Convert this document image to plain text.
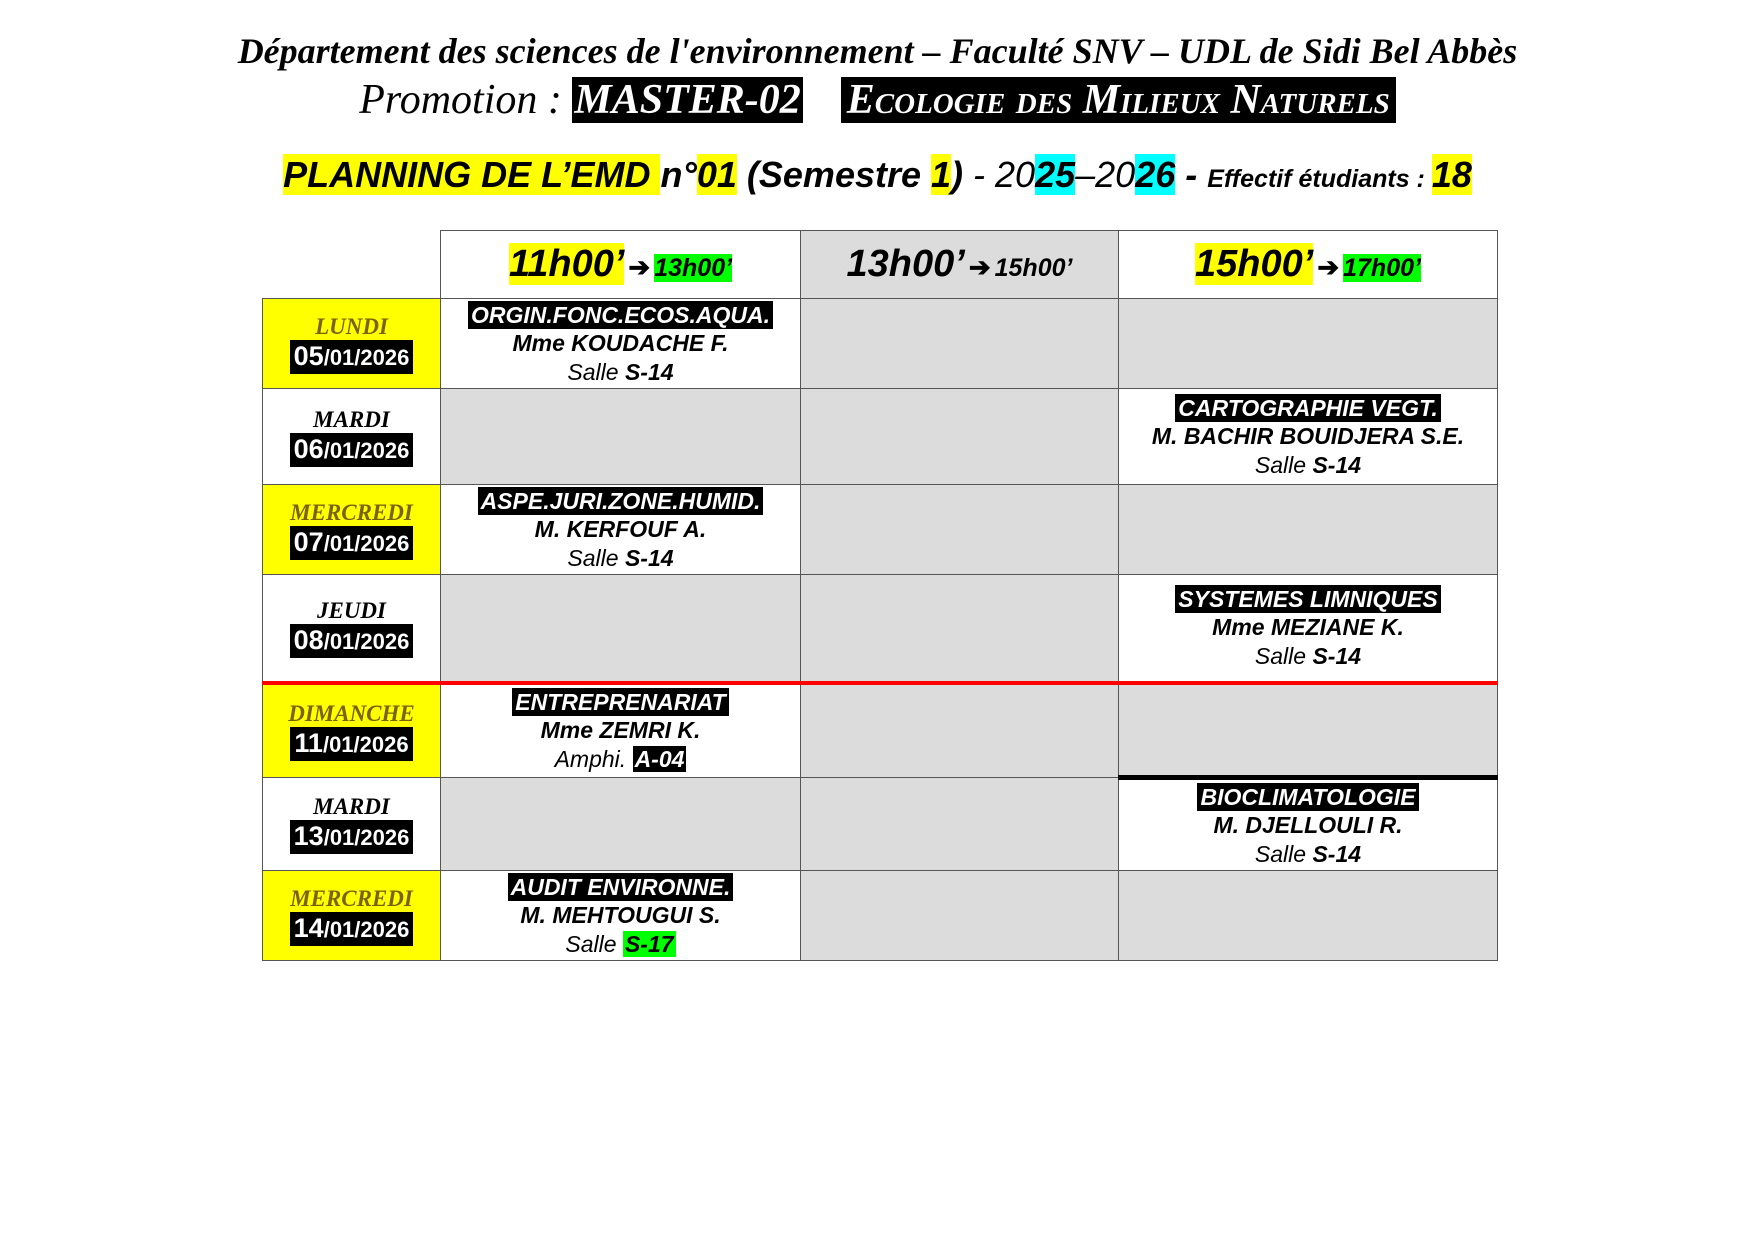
Département des sciences de l'environnement – Faculté SNV – UDL de Sidi Bel Abbès
Promotion : MASTER-02 Ecologie des Milieux Naturels
PLANNING DE L’EMD n°01 (Semestre 1) - 2025–2026 - Effectif étudiants : 18
	11h00’ ➔ 13h00’	13h00’ ➔ 15h00’	15h00’ ➔ 17h00’

LUNDI
05/01/2026	ORGIN.FONC.ECOS.AQUA.
Mme KOUDACHE F.
Salle S-14		

MARDI
06/01/2026			CARTOGRAPHIE VEGT.
M. BACHIR BOUIDJERA S.E.
Salle S-14

MERCREDI
07/01/2026	ASPE.JURI.ZONE.HUMID.
M. KERFOUF A.
Salle S-14		

JEUDI
08/01/2026			SYSTEMES LIMNIQUES
Mme MEZIANE K.
Salle S-14

DIMANCHE
11/01/2026	ENTREPRENARIAT
Mme ZEMRI K.
Amphi. A-04		

MARDI
13/01/2026			BIOCLIMATOLOGIE
M. DJELLOULI R.
Salle S-14

MERCREDI
14/01/2026	AUDIT ENVIRONNE.
M. MEHTOUGUI S.
Salle S-17		
